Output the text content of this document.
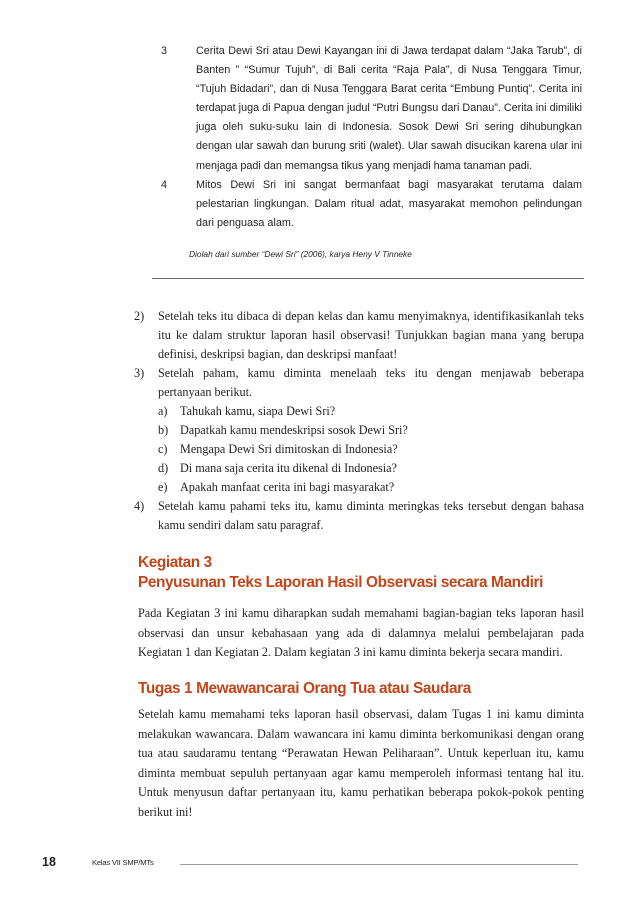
3	Cerita Dewi Sri atau Dewi Kayangan ini di Jawa terdapat dalam “Jaka Tarub”, di Banten ” “Sumur Tujuh”, di Bali cerita “Raja Pala”, di Nusa Tenggara Timur, “Tujuh Bidadari”, dan di Nusa Tenggara Barat cerita “Embung Puntiq”. Cerita ini terdapat juga di Papua dengan judul “Putri Bungsu dari Danau”. Cerita ini dimiliki juga oleh suku-suku lain di Indonesia. Sosok Dewi Sri sering dihubungkan dengan ular sawah dan burung sriti (walet). Ular sawah disucikan karena ular ini menjaga padi dan memangsa tikus yang menjadi hama tanaman padi.
4	Mitos Dewi Sri ini sangat bermanfaat bagi masyarakat terutama dalam pelestarian lingkungan. Dalam ritual adat, masyarakat memohon pelindungan dari penguasa alam.
Diolah dari sumber “Dewi Sri” (2006), karya Heny V Tinneke
2)	Setelah teks itu dibaca di depan kelas dan kamu menyimaknya, identifikasikanlah teks itu ke dalam struktur laporan hasil observasi! Tunjukkan bagian mana yang berupa definisi, deskripsi bagian, dan deskripsi manfaat!
3)	Setelah paham, kamu diminta menelaah teks itu dengan menjawab beberapa pertanyaan berikut.
a)	Tahukah kamu, siapa Dewi Sri?
b) Dapatkah kamu mendeskripsi sosok Dewi Sri?
c)	Mengapa Dewi Sri dimitoskan di Indonesia?
d) Di mana saja cerita itu dikenal di Indonesia?
e)	Apakah manfaat cerita ini bagi masyarakat?
4)	Setelah kamu pahami teks itu, kamu diminta meringkas teks tersebut dengan bahasa kamu sendiri dalam satu paragraf.
Kegiatan 3
Penyusunan Teks Laporan Hasil Observasi secara Mandiri

Pada Kegiatan 3 ini kamu diharapkan sudah memahami bagian-bagian teks laporan hasil observasi dan unsur kebahasaan yang ada di dalamnya melalui pembelajaran pada Kegiatan 1 dan Kegiatan 2. Dalam kegiatan 3 ini kamu diminta bekerja secara mandiri.

Tugas 1 Mewawancarai Orang Tua atau Saudara

Setelah kamu memahami teks laporan hasil observasi, dalam Tugas 1 ini kamu diminta melakukan wawancara. Dalam wawancara ini kamu diminta berkomunikasi dengan orang tua atau saudaramu tentang “Perawatan Hewan Peliharaan”. Untuk keperluan itu, kamu diminta membuat sepuluh pertanyaan agar kamu memperoleh informasi tentang hal itu. Untuk menyusun daftar pertanyaan itu, kamu perhatikan beberapa pokok-pokok penting berikut ini!

18	Kelas VII SMP/MTs
